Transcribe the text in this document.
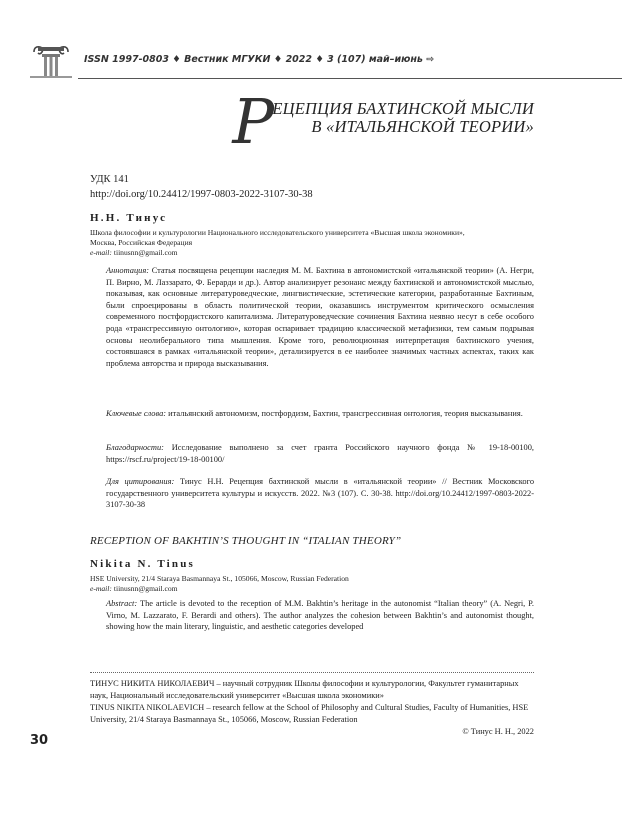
ISSN 1997-0803 ♦ Вестник МГУКИ ♦ 2022 ♦ 3 (107) май–июнь ⇨
Р
ЕЦЕПЦИЯ БАХТИНСКОЙ МЫСЛИ
В «ИТАЛЬЯНСКОЙ ТЕОРИИ»
УДК 141
http://doi.org/10.24412/1997-0803-2022-3107-30-38
Н.Н. Тинус
Школа философии и культурологии Национального исследовательского университета «Высшая школа экономики»,
Москва, Российская Федерация
e-mail: tiinusnn@gmail.com
Аннотация: Статья посвящена рецепции наследия М. М. Бахтина в автономистской «итальянской теории» (А. Негри, П. Вирно, М. Лаззарато, Ф. Берарди и др.). Автор анализирует резонанс между бахтинской и автономистской мыслью, показывая, как основные литературоведческие, лингвистические, эстетические категории, разработанные Бахтиным, были спроецированы в область политической теории, оказавшись инструментом критического осмысления современного постфордистского капитализма. Литературоведческие сочинения Бахтина неявно несут в себе особого рода «трансгрессивную онтологию», которая оспаривает традицию классической метафизики, тем самым подрывая основы неолиберального типа мышления. Кроме того, революционная интерпретация бахтинского учения, состоявшаяся в рамках «итальянской теории», детализируется в ее наиболее значимых частных аспектах, таких как проблема авторства и природа высказывания.
Ключевые слова: итальянский автономизм, постфордизм, Бахтин, трансгрессивная онтология, теория высказывания.
Благодарности: Исследование выполнено за счет гранта Российского научного фонда № 19-18-00100, https://rscf.ru/project/19-18-00100/
Для цитирования: Тинус Н.Н. Рецепция бахтинской мысли в «итальянской теории» // Вестник Московского государственного университета культуры и искусств. 2022. №3 (107). С. 30-38. http://doi.org/10.24412/1997-0803-2022-3107-30-38
RECEPTION OF BAKHTIN’S THOUGHT IN “ITALIAN THEORY”
Nikita N. Tinus
HSE University, 21/4 Staraya Basmannaya St., 105066, Moscow, Russian Federation
e-mail: tiinusnn@gmail.com
Abstract: The article is devoted to the reception of M.M. Bakhtin’s heritage in the autonomist “Italian theory” (A. Negri, P. Virno, M. Lazzarato, F. Berardi and others). The author analyzes the cohesion between Bakhtin’s and autonomist thought, showing how the main literary, linguistic, and aesthetic categories developed
ТИНУС НИКИТА НИКОЛАЕВИЧ – научный сотрудник Школы философии и культурологии, Факультет гуманитарных наук, Национальный исследовательский университет «Высшая школа экономики»
TINUS NIKITA NIKOLAEVICH – research fellow at the School of Philosophy and Cultural Studies, Faculty of Humanities, HSE University, 21/4 Staraya Basmannaya St., 105066, Moscow, Russian Federation
© Тинус Н. Н., 2022
30
